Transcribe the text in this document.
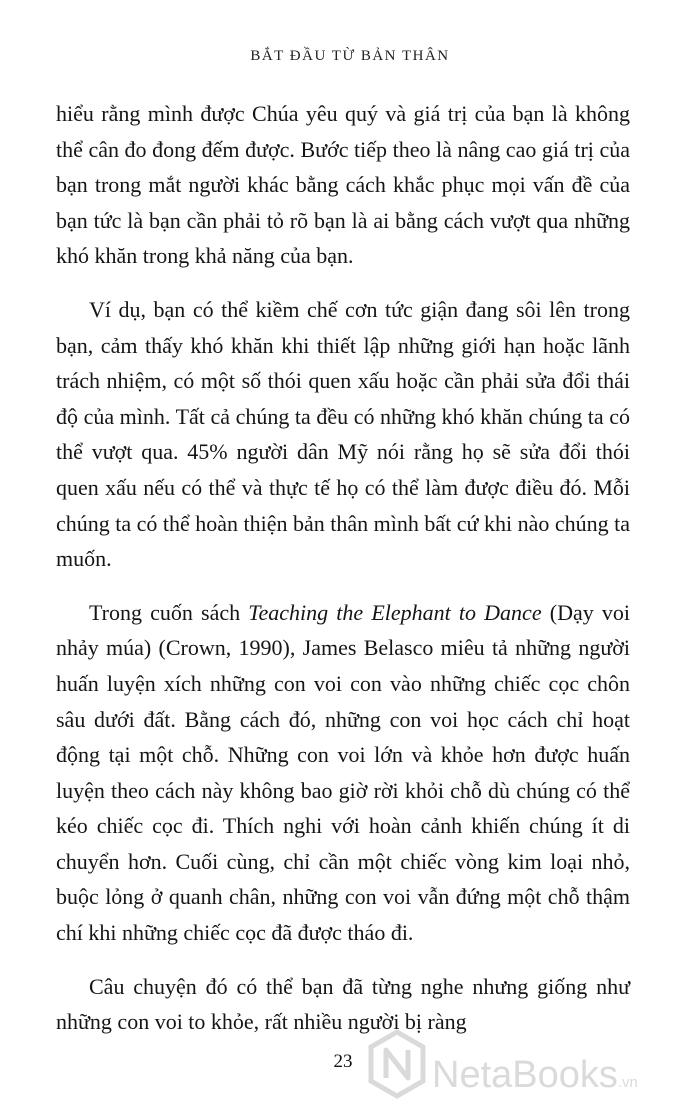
BẮT ĐẦU TỪ BẢN THÂN

hiểu rằng mình được Chúa yêu quý và giá trị của bạn là không thể cân đo đong đếm được. Bước tiếp theo là nâng cao giá trị của bạn trong mắt người khác bằng cách khắc phục mọi vấn đề của bạn tức là bạn cần phải tỏ rõ bạn là ai bằng cách vượt qua những khó khăn trong khả năng của bạn.

Ví dụ, bạn có thể kiềm chế cơn tức giận đang sôi lên trong bạn, cảm thấy khó khăn khi thiết lập những giới hạn hoặc lãnh trách nhiệm, có một số thói quen xấu hoặc cần phải sửa đổi thái độ của mình. Tất cả chúng ta đều có những khó khăn chúng ta có thể vượt qua. 45% người dân Mỹ nói rằng họ sẽ sửa đổi thói quen xấu nếu có thể và thực tế họ có thể làm được điều đó. Mỗi chúng ta có thể hoàn thiện bản thân mình bất cứ khi nào chúng ta muốn.

Trong cuốn sách Teaching the Elephant to Dance (Dạy voi nhảy múa) (Crown, 1990), James Belasco miêu tả những người huấn luyện xích những con voi con vào những chiếc cọc chôn sâu dưới đất. Bằng cách đó, những con voi học cách chỉ hoạt động tại một chỗ. Những con voi lớn và khỏe hơn được huấn luyện theo cách này không bao giờ rời khỏi chỗ dù chúng có thể kéo chiếc cọc đi. Thích nghi với hoàn cảnh khiến chúng ít di chuyển hơn. Cuối cùng, chỉ cần một chiếc vòng kim loại nhỏ, buộc lỏng ở quanh chân, những con voi vẫn đứng một chỗ thậm chí khi những chiếc cọc đã được tháo đi.

Câu chuyện đó có thể bạn đã từng nghe nhưng giống như những con voi to khỏe, rất nhiều người bị ràng

23	NetaBooks.vn
